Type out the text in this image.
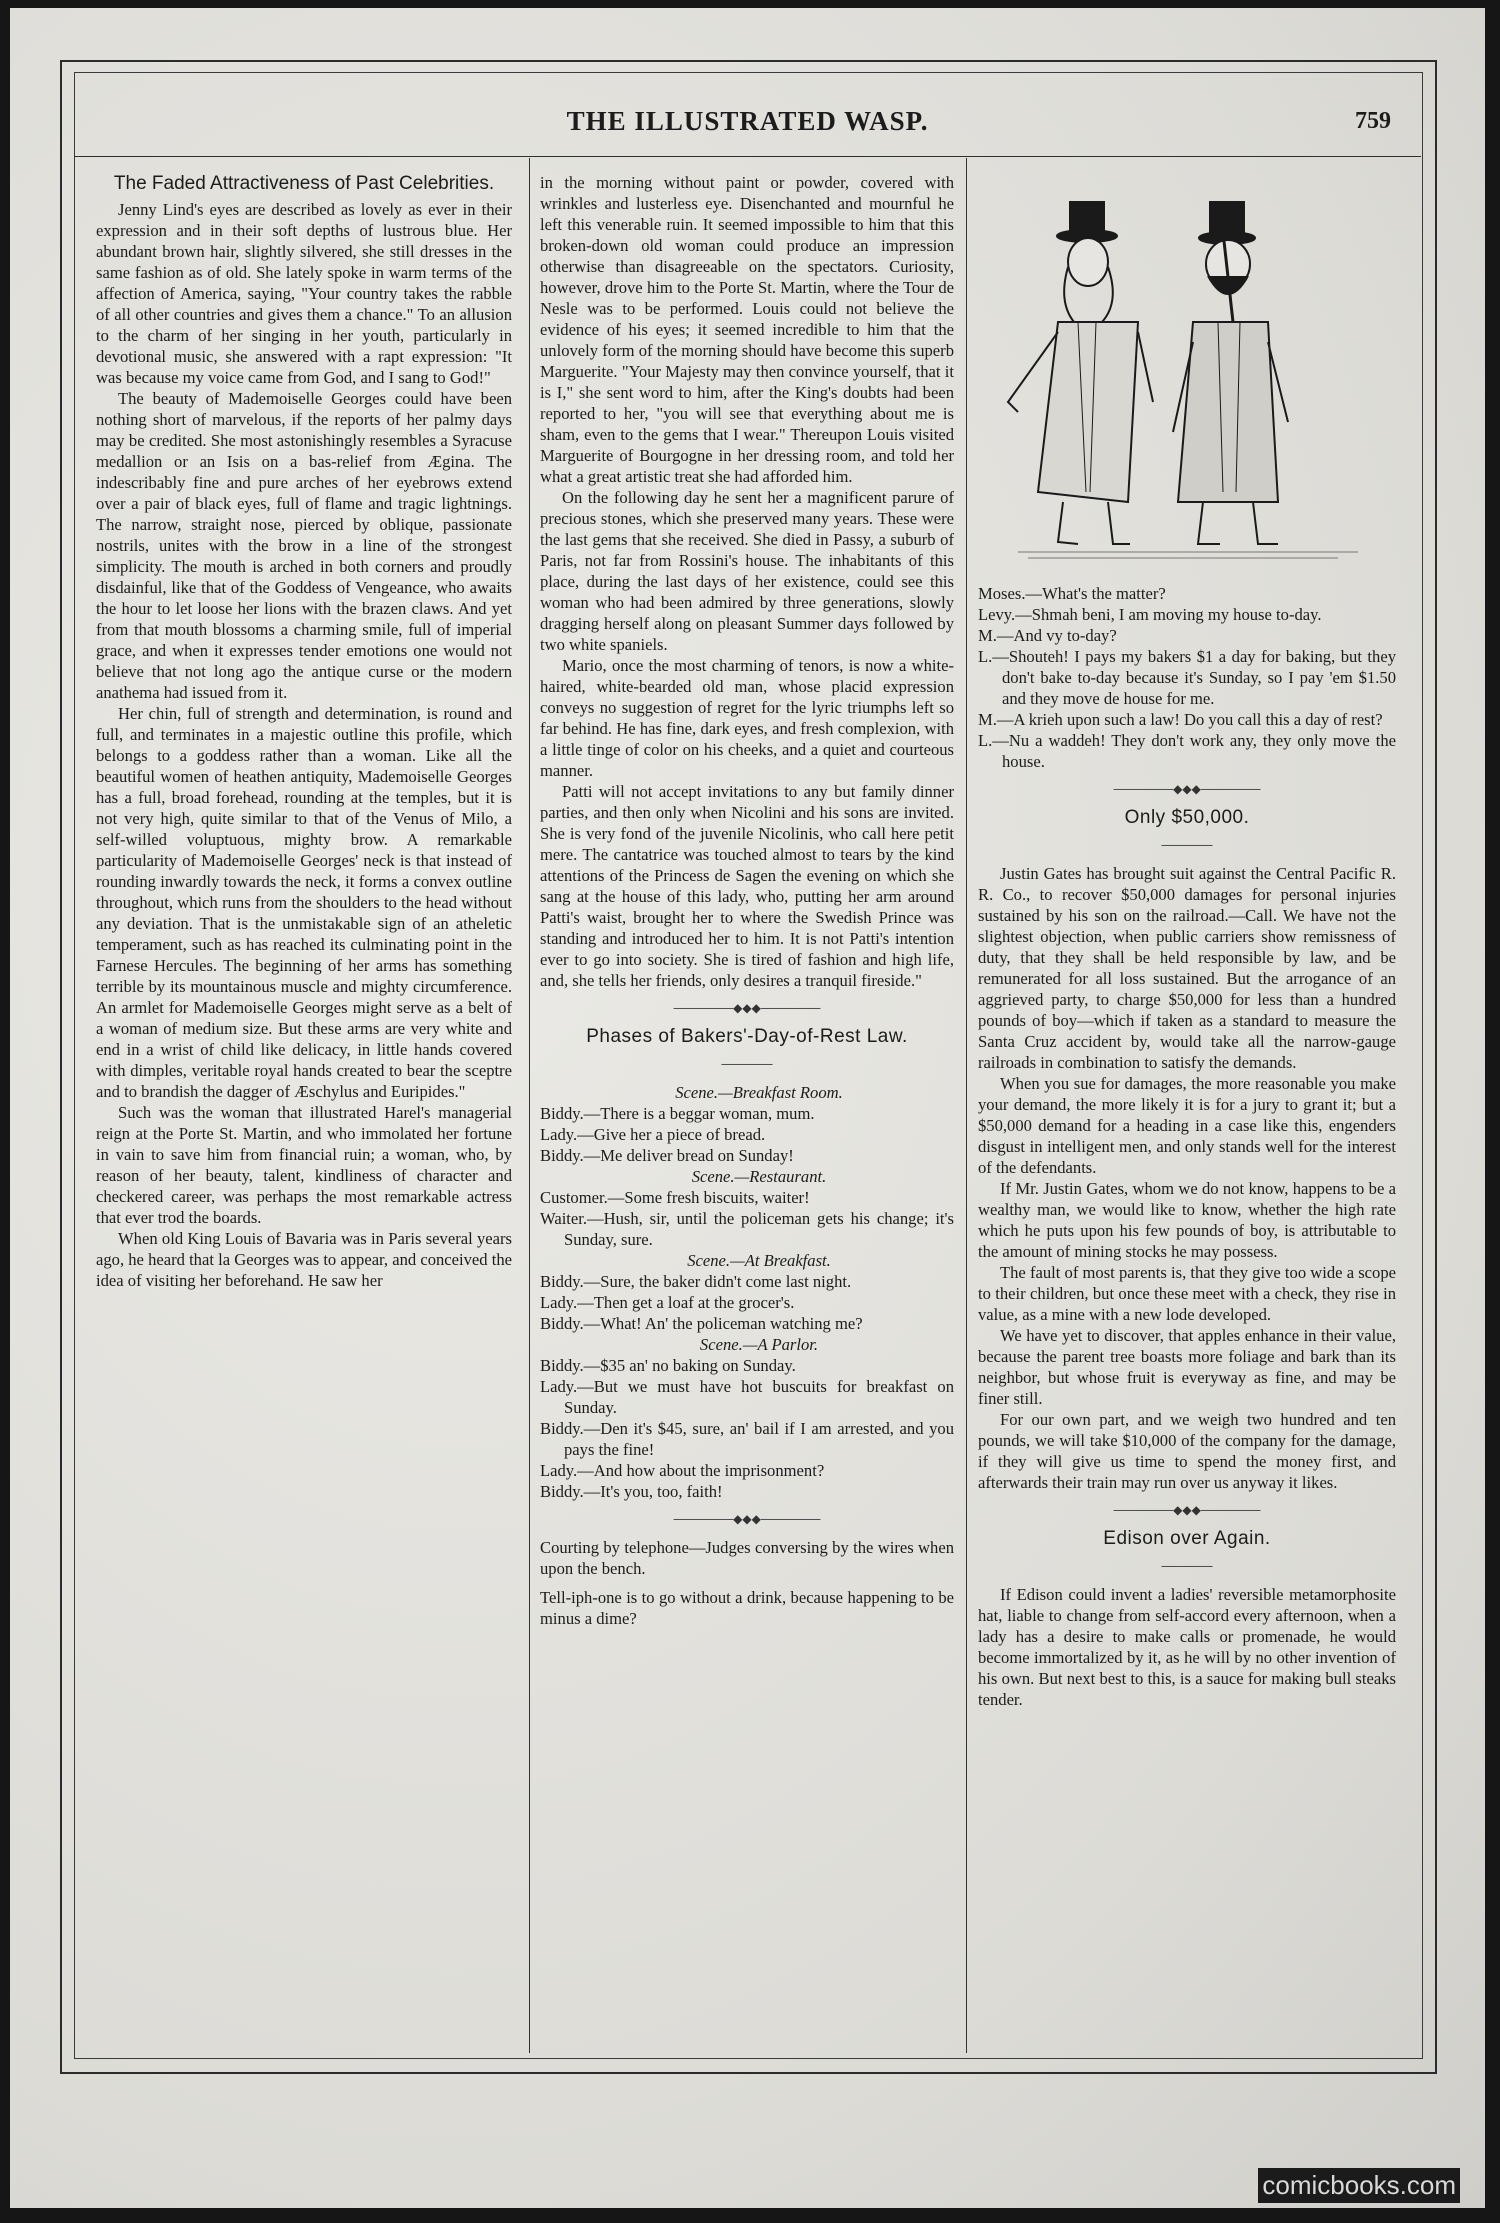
THE ILLUSTRATED WASP.	759
The Faded Attractiveness of Past Celebrities.

Jenny Lind's eyes are described as lovely as ever in their expression and in their soft depths of lustrous blue. Her abundant brown hair, slightly silvered, she still dresses in the same fashion as of old. She lately spoke in warm terms of the affection of America, saying, "Your country takes the rabble of all other countries and gives them a chance." To an allusion to the charm of her singing in her youth, particularly in devotional music, she answered with a rapt expression: "It was because my voice came from God, and I sang to God!"

The beauty of Mademoiselle Georges could have been nothing short of marvelous, if the reports of her palmy days may be credited. She most astonishingly resembles a Syracuse medallion or an Isis on a bas-relief from Ægina. The indescribably fine and pure arches of her eyebrows extend over a pair of black eyes, full of flame and tragic lightnings. The narrow, straight nose, pierced by oblique, passionate nostrils, unites with the brow in a line of the strongest simplicity. The mouth is arched in both corners and proudly disdainful, like that of the Goddess of Vengeance, who awaits the hour to let loose her lions with the brazen claws. And yet from that mouth blossoms a charming smile, full of imperial grace, and when it expresses tender emotions one would not believe that not long ago the antique curse or the modern anathema had issued from it.

Her chin, full of strength and determination, is round and full, and terminates in a majestic outline this profile, which belongs to a goddess rather than a woman. Like all the beautiful women of heathen antiquity, Mademoiselle Georges has a full, broad forehead, rounding at the temples, but it is not very high, quite similar to that of the Venus of Milo, a self-willed voluptuous, mighty brow. A remarkable particularity of Mademoiselle Georges' neck is that instead of rounding inwardly towards the neck, it forms a convex outline throughout, which runs from the shoulders to the head without any deviation. That is the unmistakable sign of an atheletic temperament, such as has reached its culminating point in the Farnese Hercules. The beginning of her arms has something terrible by its mountainous muscle and mighty circumference. An armlet for Mademoiselle Georges might serve as a belt of a woman of medium size. But these arms are very white and end in a wrist of child like delicacy, in little hands covered with dimples, veritable royal hands created to bear the sceptre and to brandish the dagger of Æschylus and Euripides."

Such was the woman that illustrated Harel's managerial reign at the Porte St. Martin, and who immolated her fortune in vain to save him from financial ruin; a woman, who, by reason of her beauty, talent, kindliness of character and checkered career, was perhaps the most remarkable actress that ever trod the boards.

When old King Louis of Bavaria was in Paris several years ago, he heard that la Georges was to appear, and conceived the idea of visiting her beforehand. He saw her

in the morning without paint or powder, covered with wrinkles and lusterless eye. Disenchanted and mournful he left this venerable ruin. It seemed impossible to him that this broken-down old woman could produce an impression otherwise than disagreeable on the spectators. Curiosity, however, drove him to the Porte St. Martin, where the Tour de Nesle was to be performed. Louis could not believe the evidence of his eyes; it seemed incredible to him that the unlovely form of the morning should have become this superb Marguerite. "Your Majesty may then convince yourself, that it is I," she sent word to him, after the King's doubts had been reported to her, "you will see that everything about me is sham, even to the gems that I wear." Thereupon Louis visited Marguerite of Bourgogne in her dressing room, and told her what a great artistic treat she had afforded him.

On the following day he sent her a magnificent parure of precious stones, which she preserved many years. These were the last gems that she received. She died in Passy, a suburb of Paris, not far from Rossini's house. The inhabitants of this place, during the last days of her existence, could see this woman who had been admired by three generations, slowly dragging herself along on pleasant Summer days followed by two white spaniels.

Mario, once the most charming of tenors, is now a white-haired, white-bearded old man, whose placid expression conveys no suggestion of regret for the lyric triumphs left so far behind. He has fine, dark eyes, and fresh complexion, with a little tinge of color on his cheeks, and a quiet and courteous manner.

Patti will not accept invitations to any but family dinner parties, and then only when Nicolini and his sons are invited. She is very fond of the juvenile Nicolinis, who call here petit mere. The cantatrice was touched almost to tears by the kind attentions of the Princess de Sagen the evening on which she sang at the house of this lady, who, putting her arm around Patti's waist, brought her to where the Swedish Prince was standing and introduced her to him. It is not Patti's intention ever to go into society. She is tired of fashion and high life, and, she tells her friends, only desires a tranquil fireside."

───────◆◆◆───────
Phases of Bakers'-Day-of-Rest Law.
──────

Scene.—Breakfast Room.

Biddy.—There is a beggar woman, mum.

Lady.—Give her a piece of bread.

Biddy.—Me deliver bread on Sunday!

Scene.—Restaurant.

Customer.—Some fresh biscuits, waiter!

Waiter.—Hush, sir, until the policeman gets his change; it's Sunday, sure.

Scene.—At Breakfast.

Biddy.—Sure, the baker didn't come last night.

Lady.—Then get a loaf at the grocer's.

Biddy.—What! An' the policeman watching me?

Scene.—A Parlor.

Biddy.—$35 an' no baking on Sunday.

Lady.—But we must have hot buscuits for breakfast on Sunday.

Biddy.—Den it's $45, sure, an' bail if I am arrested, and you pays the fine!

Lady.—And how about the imprisonment?

Biddy.—It's you, too, faith!

───────◆◆◆───────

Courting by telephone—Judges conversing by the wires when upon the bench.

Tell-iph-one is to go without a drink, because happening to be minus a dime?

Moses.—What's the matter?

Levy.—Shmah beni, I am moving my house to-day.

M.—And vy to-day?

L.—Shouteh! I pays my bakers $1 a day for baking, but they don't bake to-day because it's Sunday, so I pay 'em $1.50 and they move de house for me.

M.—A krieh upon such a law! Do you call this a day of rest?

L.—Nu a waddeh! They don't work any, they only move the house.

───────◆◆◆───────
Only $50,000.
──────

Justin Gates has brought suit against the Central Pacific R. R. Co., to recover $50,000 damages for personal injuries sustained by his son on the railroad.—Call. We have not the slightest objection, when public carriers show remissness of duty, that they shall be held responsible by law, and be remunerated for all loss sustained. But the arrogance of an aggrieved party, to charge $50,000 for less than a hundred pounds of boy—which if taken as a standard to measure the Santa Cruz accident by, would take all the narrow-gauge railroads in combination to satisfy the demands.

When you sue for damages, the more reasonable you make your demand, the more likely it is for a jury to grant it; but a $50,000 demand for a heading in a case like this, engenders disgust in intelligent men, and only stands well for the interest of the defendants.

If Mr. Justin Gates, whom we do not know, happens to be a wealthy man, we would like to know, whether the high rate which he puts upon his few pounds of boy, is attributable to the amount of mining stocks he may possess.

The fault of most parents is, that they give too wide a scope to their children, but once these meet with a check, they rise in value, as a mine with a new lode developed.

We have yet to discover, that apples enhance in their value, because the parent tree boasts more foliage and bark than its neighbor, but whose fruit is everyway as fine, and may be finer still.

For our own part, and we weigh two hundred and ten pounds, we will take $10,000 of the company for the damage, if they will give us time to spend the money first, and afterwards their train may run over us anyway it likes.

───────◆◆◆───────
Edison over Again.
──────

If Edison could invent a ladies' reversible metamorphosite hat, liable to change from self-accord every afternoon, when a lady has a desire to make calls or promenade, he would become immortalized by it, as he will by no other invention of his own. But next best to this, is a sauce for making bull steaks tender.

comicbooks.com
